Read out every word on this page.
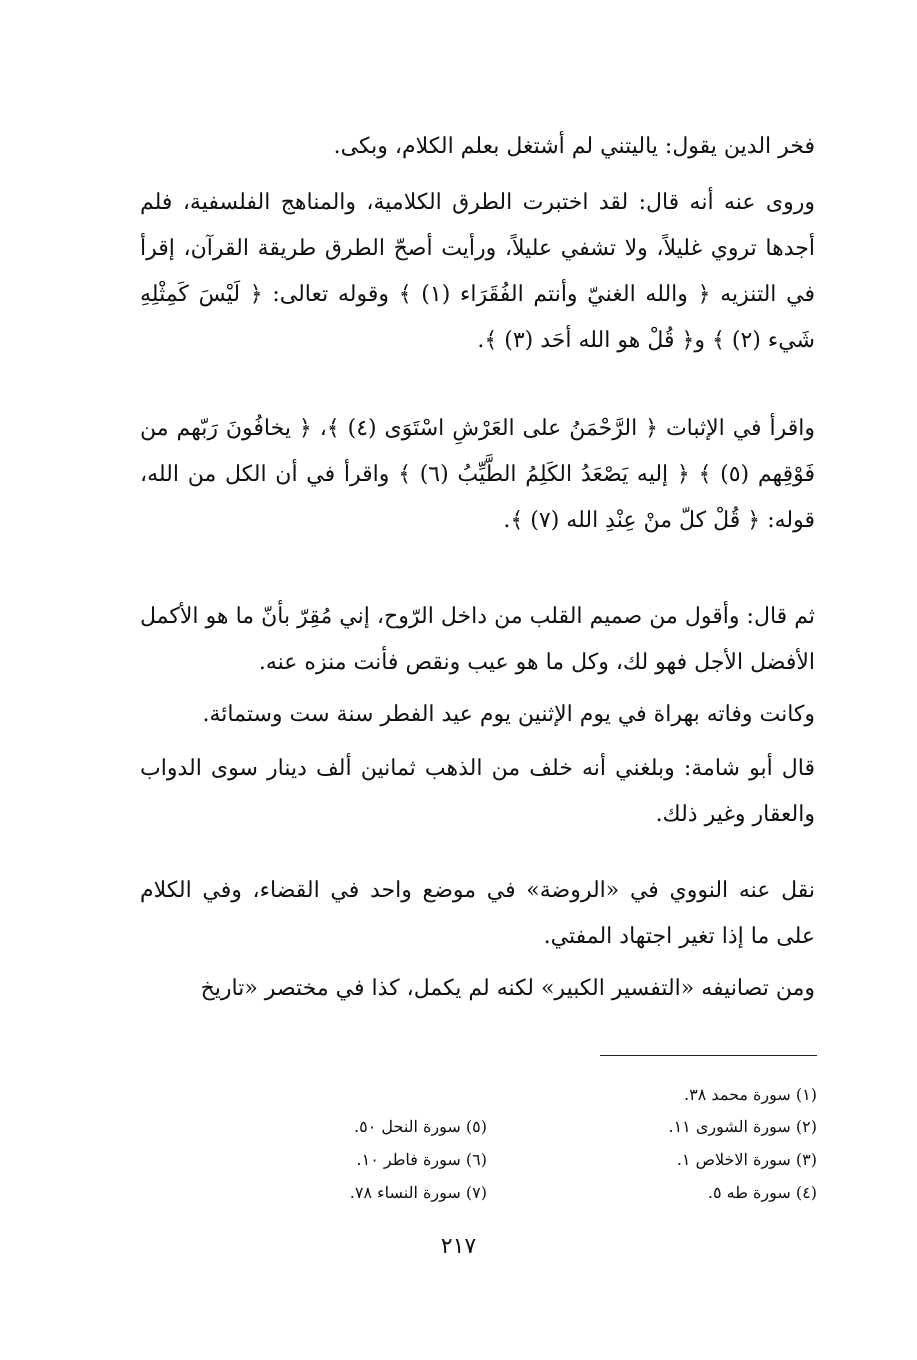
فخر الدين يقول: ياليتني لم أشتغل بعلم الكلام، وبكى.

وروى عنه أنه قال: لقد اختبرت الطرق الكلامية، والمناهج الفلسفية، فلم أجدها تروي غليلاً، ولا تشفي عليلاً، ورأيت أصحّ الطرق طريقة القرآن، إقرأ في التنزيه ﴿ والله الغنيّ وأنتم الفُقَرَاء (١) ﴾ وقوله تعالى: ﴿ لَيْسَ كَمِثْلِهِ شَيء (٢) ﴾ و﴿ قُلْ هو الله أحَد (٣) ﴾.

واقرأ في الإثبات ﴿ الرَّحْمَنُ على العَرْشِ اسْتَوَى (٤) ﴾، ﴿ يخافُونَ رَبّهم من فَوْقِهم (٥) ﴾ ﴿ إليه يَصْعَدُ الكَلِمُ الطَّيِّبُ (٦) ﴾ واقرأ في أن الكل من الله، قوله: ﴿ قُلْ كلّ منْ عِنْدِ الله (٧) ﴾.

ثم قال: وأقول من صميم القلب من داخل الرّوح، إني مُقِرّ بأنّ ما هو الأكمل الأفضل الأجل فهو لك، وكل ما هو عيب ونقص فأنت منزه عنه.

وكانت وفاته بهراة في يوم الإثنين يوم عيد الفطر سنة ست وستمائة.

قال أبو شامة: وبلغني أنه خلف من الذهب ثمانين ألف دينار سوى الدواب والعقار وغير ذلك.

نقل عنه النووي في «الروضة» في موضع واحد في القضاء، وفي الكلام على ما إذا تغير اجتهاد المفتي.

ومن تصانيفه «التفسير الكبير» لكنه لم يكمل، كذا في مختصر «تاريخ

(١) سورة محمد ٣٨.
(٢) سورة الشورى ١١.
(٣) سورة الاخلاص ١.
(٤) سورة طه ٥.
(٥) سورة النحل ٥٠.
(٦) سورة فاطر ١٠.
(٧) سورة النساء ٧٨.
٢١٧
